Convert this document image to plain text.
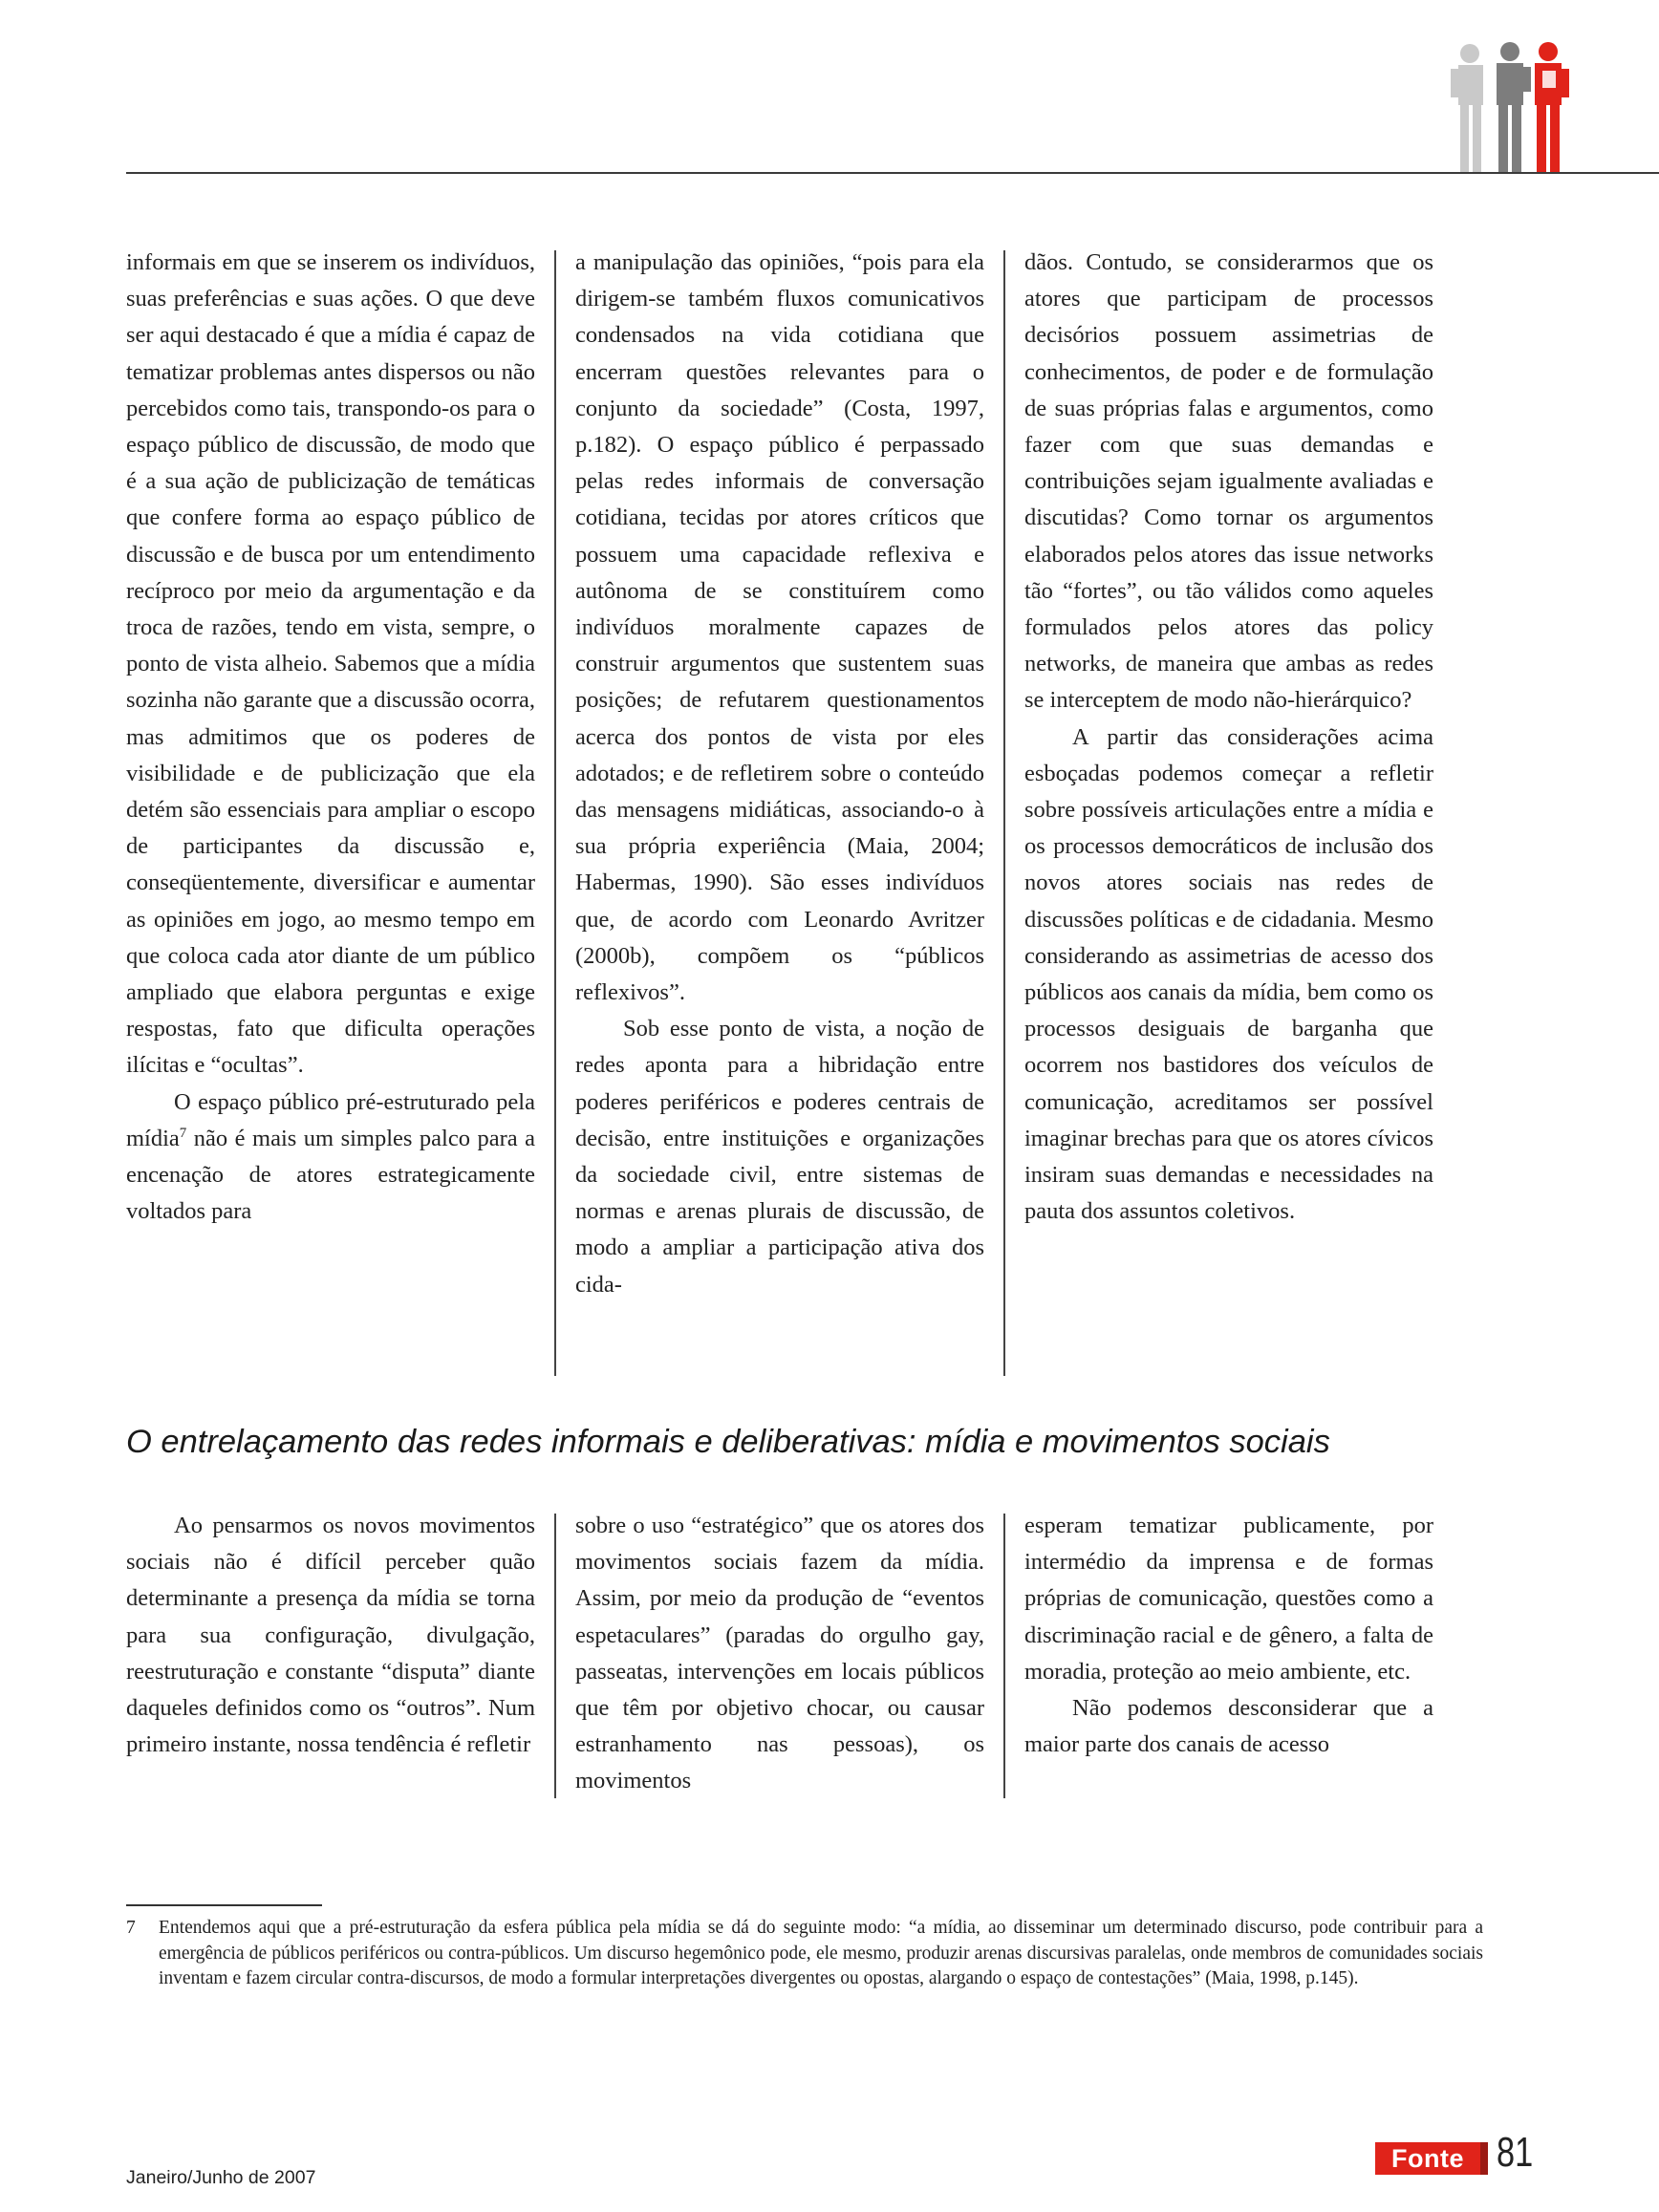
informais em que se inserem os indivíduos, suas preferências e suas ações. O que deve ser aqui destacado é que a mídia é capaz de tematizar problemas antes dispersos ou não percebidos como tais, transpondo-os para o espaço público de discussão, de modo que é a sua ação de publicização de temáticas que confere forma ao espaço público de discussão e de busca por um entendimento recíproco por meio da argumentação e da troca de razões, tendo em vista, sempre, o ponto de vista alheio. Sabemos que a mídia sozinha não garante que a discussão ocorra, mas admitimos que os poderes de visibilidade e de publicização que ela detém são essenciais para ampliar o escopo de participantes da discussão e, conseqüentemente, diversificar e aumentar as opiniões em jogo, ao mesmo tempo em que coloca cada ator diante de um público ampliado que elabora perguntas e exige respostas, fato que dificulta operações ilícitas e “ocultas”.

O espaço público pré-estruturado pela mídia$^7$ não é mais um simples palco para a encenação de atores estrategicamente voltados para

a manipulação das opiniões, “pois para ela dirigem-se também fluxos comunicativos condensados na vida cotidiana que encerram questões relevantes para o conjunto da sociedade” (Costa, 1997, p.182). O espaço público é perpassado pelas redes informais de conversação cotidiana, tecidas por atores críticos que possuem uma capacidade reflexiva e autônoma de se constituírem como indivíduos moralmente capazes de construir argumentos que sustentem suas posições; de refutarem questionamentos acerca dos pontos de vista por eles adotados; e de refletirem sobre o conteúdo das mensagens midiáticas, associando-o à sua própria experiência (Maia, 2004; Habermas, 1990). São esses indivíduos que, de acordo com Leonardo Avritzer (2000b), compõem os “públicos reflexivos”.

Sob esse ponto de vista, a noção de redes aponta para a hibridação entre poderes periféricos e poderes centrais de decisão, entre instituições e organizações da sociedade civil, entre sistemas de normas e arenas plurais de discussão, de modo a ampliar a participação ativa dos cida-

dãos. Contudo, se considerarmos que os atores que participam de processos decisórios possuem assimetrias de conhecimentos, de poder e de formulação de suas próprias falas e argumentos, como fazer com que suas demandas e contribuições sejam igualmente avaliadas e discutidas? Como tornar os argumentos elaborados pelos atores das issue networks tão “fortes”, ou tão válidos como aqueles formulados pelos atores das policy networks, de maneira que ambas as redes se interceptem de modo não-hierárquico?

A partir das considerações acima esboçadas podemos começar a refletir sobre possíveis articulações entre a mídia e os processos democráticos de inclusão dos novos atores sociais nas redes de discussões políticas e de cidadania. Mesmo considerando as assimetrias de acesso dos públicos aos canais da mídia, bem como os processos desiguais de barganha que ocorrem nos bastidores dos veículos de comunicação, acreditamos ser possível imaginar brechas para que os atores cívicos insiram suas demandas e necessidades na pauta dos assuntos coletivos.

O entrelaçamento das redes informais e deliberativas: mídia e movimentos sociais

Ao pensarmos os novos movimentos sociais não é difícil perceber quão determinante a presença da mídia se torna para sua configuração, divulgação, reestruturação e constante “disputa” diante daqueles definidos como os “outros”. Num primeiro instante, nossa tendência é refletir

sobre o uso “estratégico” que os atores dos movimentos sociais fazem da mídia. Assim, por meio da produção de “eventos espetaculares” (paradas do orgulho gay, passeatas, intervenções em locais públicos que têm por objetivo chocar, ou causar estranhamento nas pessoas), os movimentos

esperam tematizar publicamente, por intermédio da imprensa e de formas próprias de comunicação, questões como a discriminação racial e de gênero, a falta de moradia, proteção ao meio ambiente, etc.

Não podemos desconsiderar que a maior parte dos canais de acesso

7 Entendemos aqui que a pré-estruturação da esfera pública pela mídia se dá do seguinte modo: “a mídia, ao disseminar um determinado discurso, pode contribuir para a emergência de públicos periféricos ou contra-públicos. Um discurso hegemônico pode, ele mesmo, produzir arenas discursivas paralelas, onde membros de comunidades sociais inventam e fazem circular contra-discursos, de modo a formular interpretações divergentes ou opostas, alargando o espaço de contestações” (Maia, 1998, p.145).
Janeiro/Junho de 2007
Fonte 81
